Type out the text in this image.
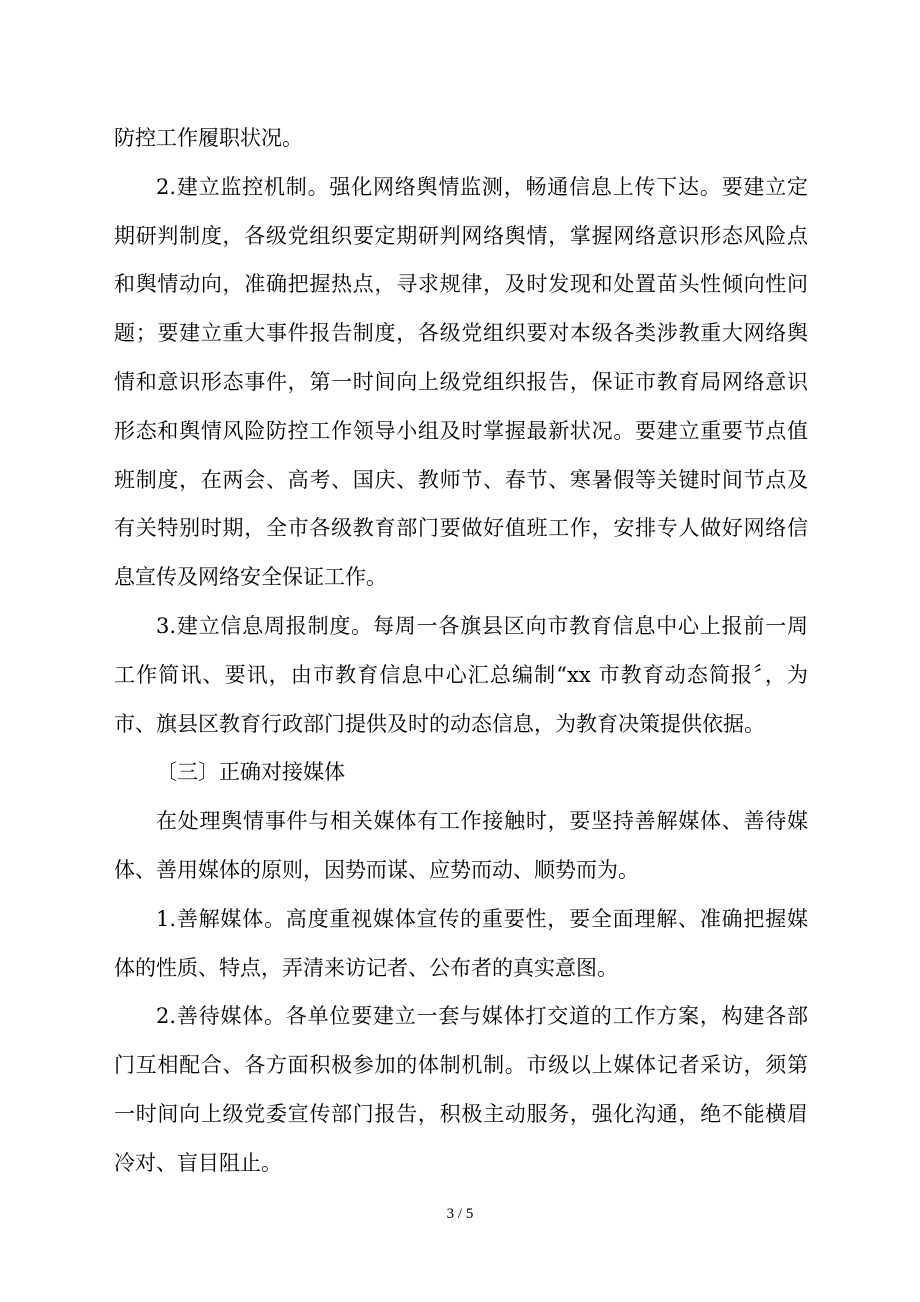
防控工作履职状况。
2.建立监控机制。强化网络舆情监测，畅通信息上传下达。要建立定
期研判制度，各级党组织要定期研判网络舆情，掌握网络意识形态风险点
和舆情动向，准确把握热点，寻求规律，及时发现和处置苗头性倾向性问
题；要建立重大事件报告制度，各级党组织要对本级各类涉教重大网络舆
情和意识形态事件，第一时间向上级党组织报告，保证市教育局网络意识
形态和舆情风险防控工作领导小组及时掌握最新状况。要建立重要节点值
班制度，在两会、高考、国庆、教师节、春节、寒暑假等关键时间节点及
有关特别时期，全市各级教育部门要做好值班工作，安排专人做好网络信
息宣传及网络安全保证工作。
3.建立信息周报制度。每周一各旗县区向市教育信息中心上报前一周
工作简讯、要讯，由市教育信息中心汇总编制“xx 市教育动态简报〞，为
市、旗县区教育行政部门提供及时的动态信息，为教育决策提供依据。
〔三〕正确对接媒体
在处理舆情事件与相关媒体有工作接触时，要坚持善解媒体、善待媒
体、善用媒体的原则，因势而谋、应势而动、顺势而为。
1.善解媒体。高度重视媒体宣传的重要性，要全面理解、准确把握媒
体的性质、特点，弄清来访记者、公布者的真实意图。
2.善待媒体。各单位要建立一套与媒体打交道的工作方案，构建各部
门互相配合、各方面积极参加的体制机制。市级以上媒体记者采访，须第
一时间向上级党委宣传部门报告，积极主动服务，强化沟通，绝不能横眉
冷对、盲目阻止。
3 / 5
